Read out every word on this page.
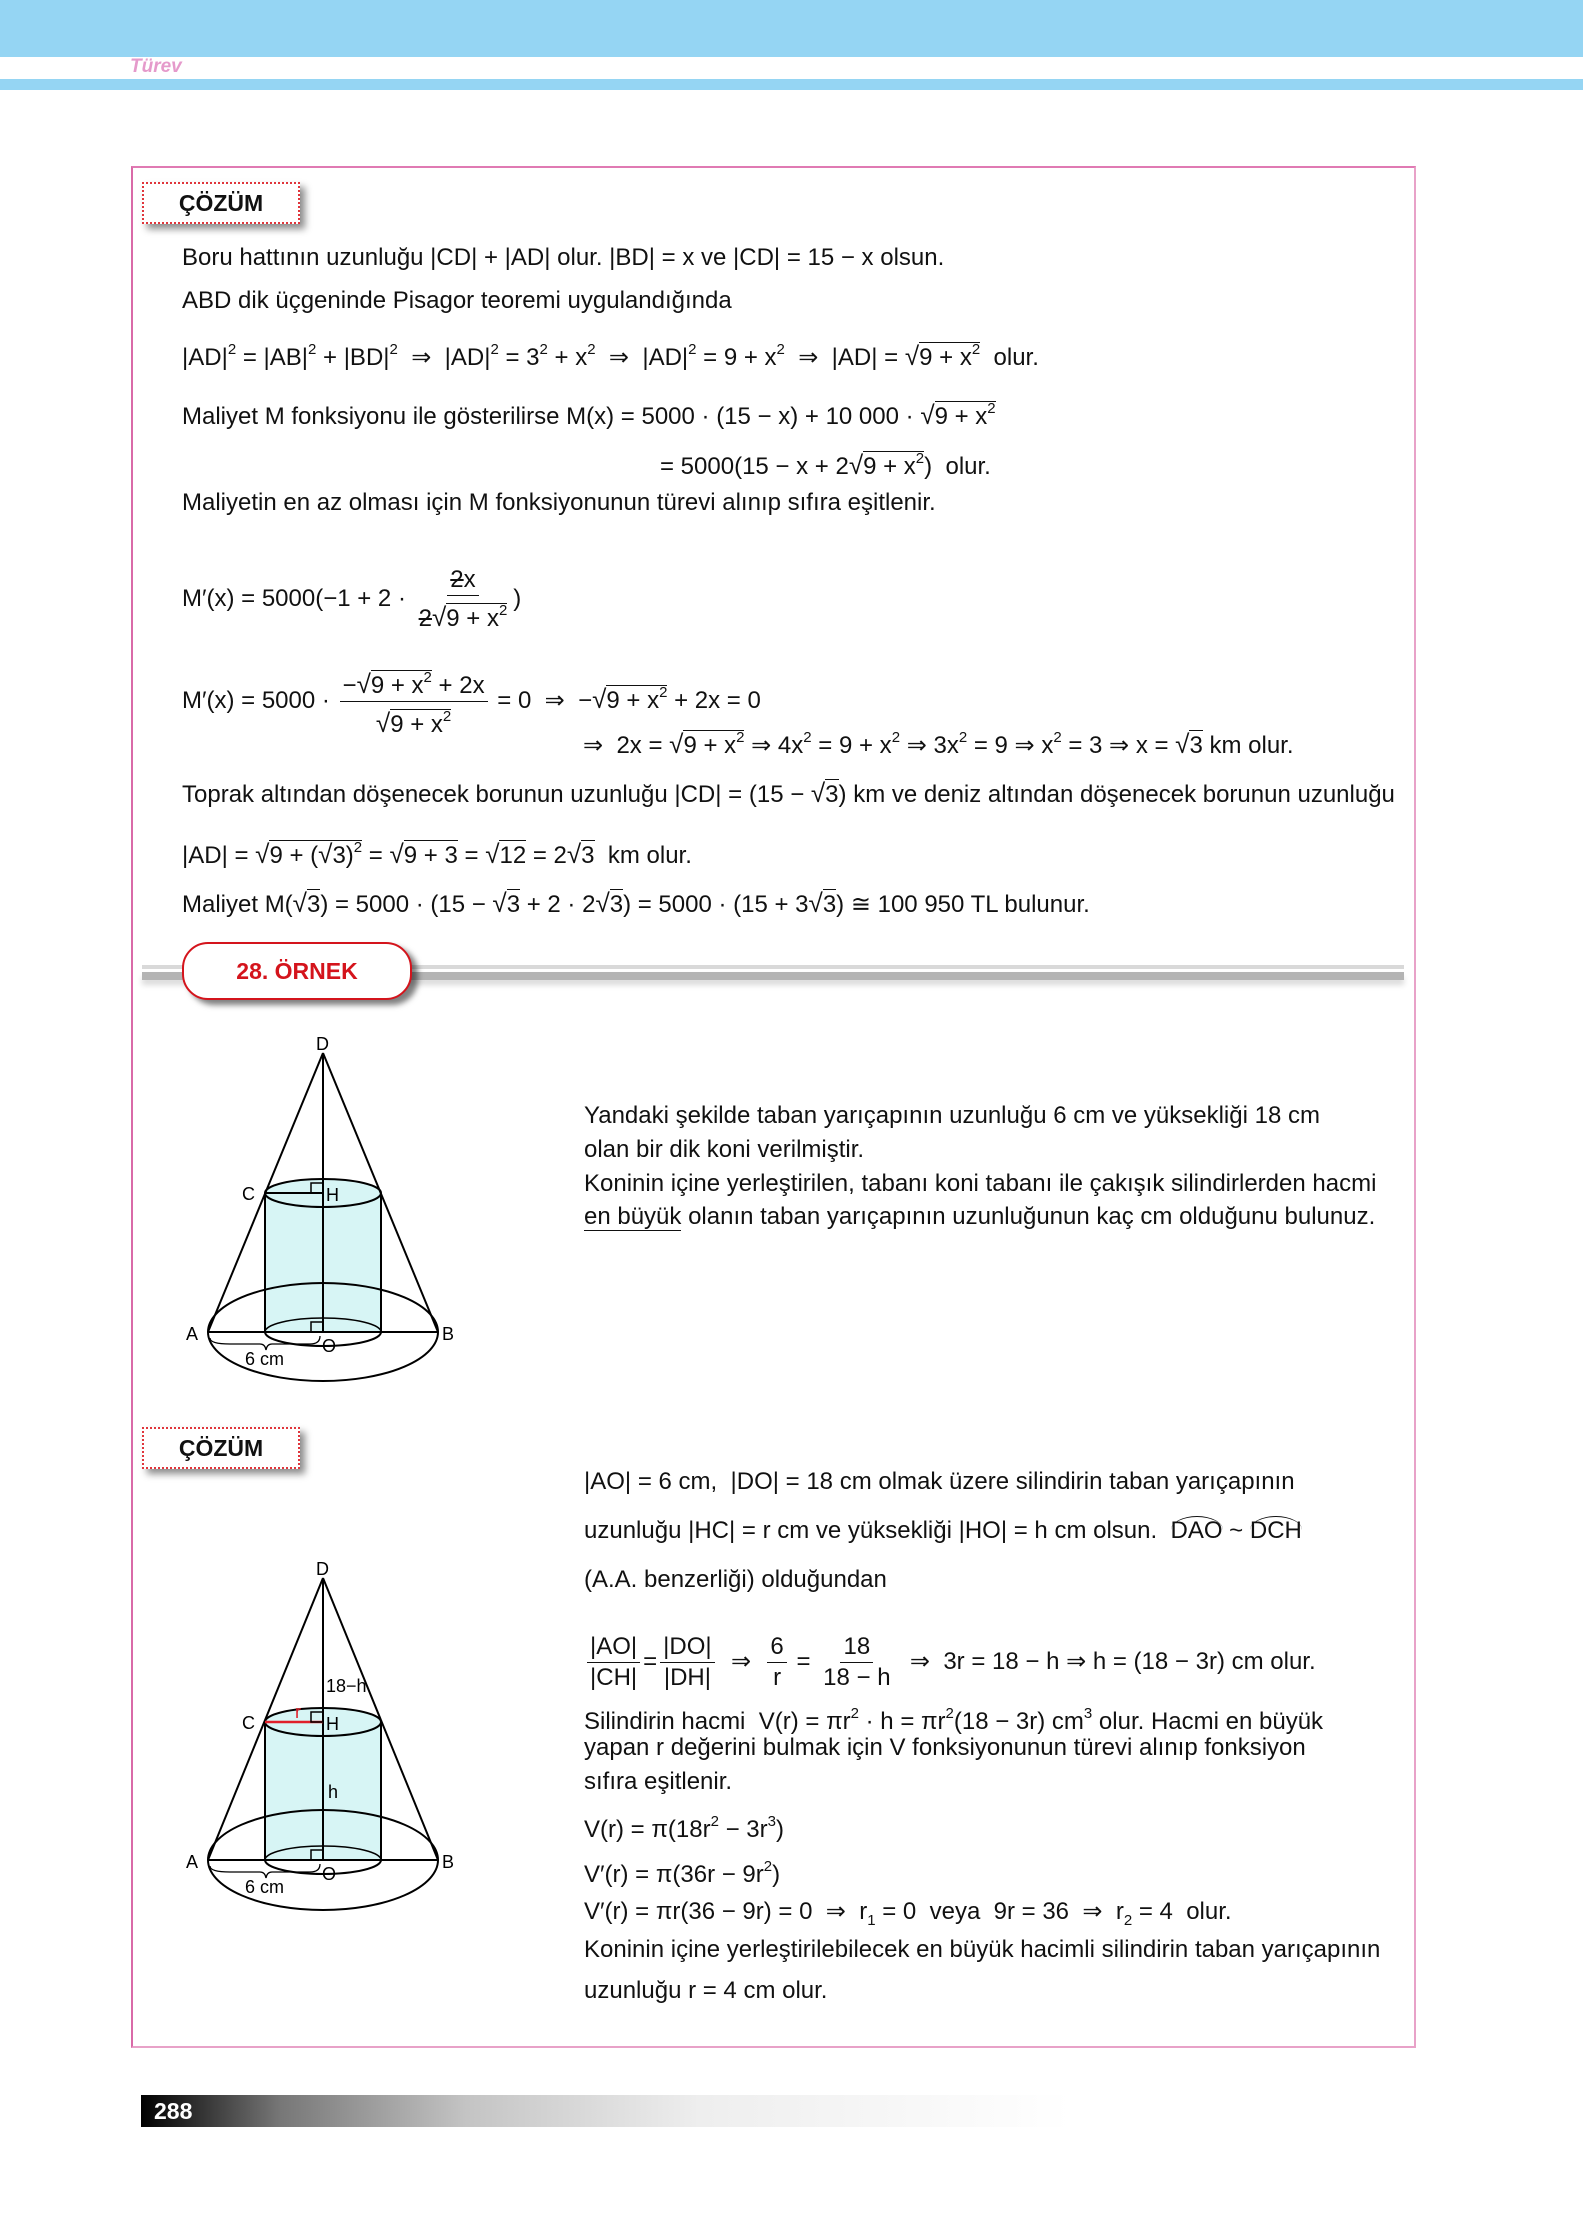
Türev
ÇÖZÜM
Boru hattının uzunluğu |CD| + |AD| olur. |BD| = x ve |CD| = 15 − x olsun.
ABD dik üçgeninde Pisagor teoremi uygulandığında
$|AD|^2 = |AB|^2 + |BD|^2$  ⇒  $|AD|^2 = 3^2 + x^2$  ⇒  $|AD|^2 = 9 + x^2$  ⇒  |AD| = √ $9 + x^2$  olur.
Maliyet M fonksiyonu ile gösterilirse M(x) = 5000 · (15 − x) + 10 000 · √ $9 + x^2$
= 5000(15 − x + 2 √ $9 + x^2$)  olur.
Maliyetin en az olması için M fonksiyonunun türevi alınıp sıfıra eşitlenir.
$M'(x) = 5000(-1 + 2 \cdot \frac{2x}{2 √ 9 + x^2}$ )
M′(x) = 5000 · − √ $9 + x^2 + 2x$
√ $9 + x^2 = 0$  ⇒  − √ $9 + x^2 + 2x = 0$
⇒  2x = √ $9 + x^2$ ⇒ $4x^2 = 9 + x^2$ ⇒ $3x^2 = 9$ ⇒ $x^2 = 3$ ⇒ x = √ 3 km olur.
Toprak altından döşenecek borunun uzunluğu |CD| = (15 − √ 3) km ve deniz altından döşenecek borunun uzunluğu
|AD| = √ 9 + ( √ 3)$^2$ = √ 9 + 3 = √ 12 = 2 √ 3  km olur.
Maliyet M( √ 3) = 5000 · (15 − √ 3 + 2 · 2 √ 3) = 5000 · (15 + 3 √ 3) ≅ 100 950 TL bulunur.
28. ÖRNEK
Yandaki şekilde taban yarıçapının uzunluğu 6 cm ve yüksekliği 18 cm
olan bir dik koni verilmiştir.
Koninin içine yerleştirilen, tabanı koni tabanı ile çakışık silindirlerden hacmi
en büyük olanın taban yarıçapının uzunluğunun kaç cm olduğunu bulunuz.
D
C	H
A	B
O
6 cm
ÇÖZÜM
D
C	H
r
18−h
h
A	B
O
6 cm
|AO| = 6 cm,  |DO| = 18 cm olmak üzere silindirin taban yarıçapının
uzunluğu |HC| = r cm ve yüksekliği |HO| = h cm olsun.  DAO ~ DCH
(A.A. benzerliği) olduğundan
$\frac{|AO|}{|CH|} = \frac{|DO|}{|DH|}$ ⇒ $\frac{6}{r} = \frac{18}{18 - h}$ ⇒  3r = 18 − h ⇒ h = (18 − 3r) cm olur.
Silindirin hacmi  $V(r) = \pi r^2 \cdot h = \pi r^2(18 - 3r)$ $cm^3$ olur. Hacmi en büyük
yapan r değerini bulmak için V fonksiyonunun türevi alınıp fonksiyon
sıfıra eşitlenir.
$V(r) = \pi(18r^2 - 3r^3)$
$V'(r) = \pi(36r - 9r^2)$
V′(r) = πr(36 − 9r) = 0  ⇒  $r_1 = 0$  veya  9r = 36  ⇒  $r_2 = 4$  olur.
Koninin içine yerleştirilebilecek en büyük hacimli silindirin taban yarıçapının
uzunluğu r = 4 cm olur.
288
